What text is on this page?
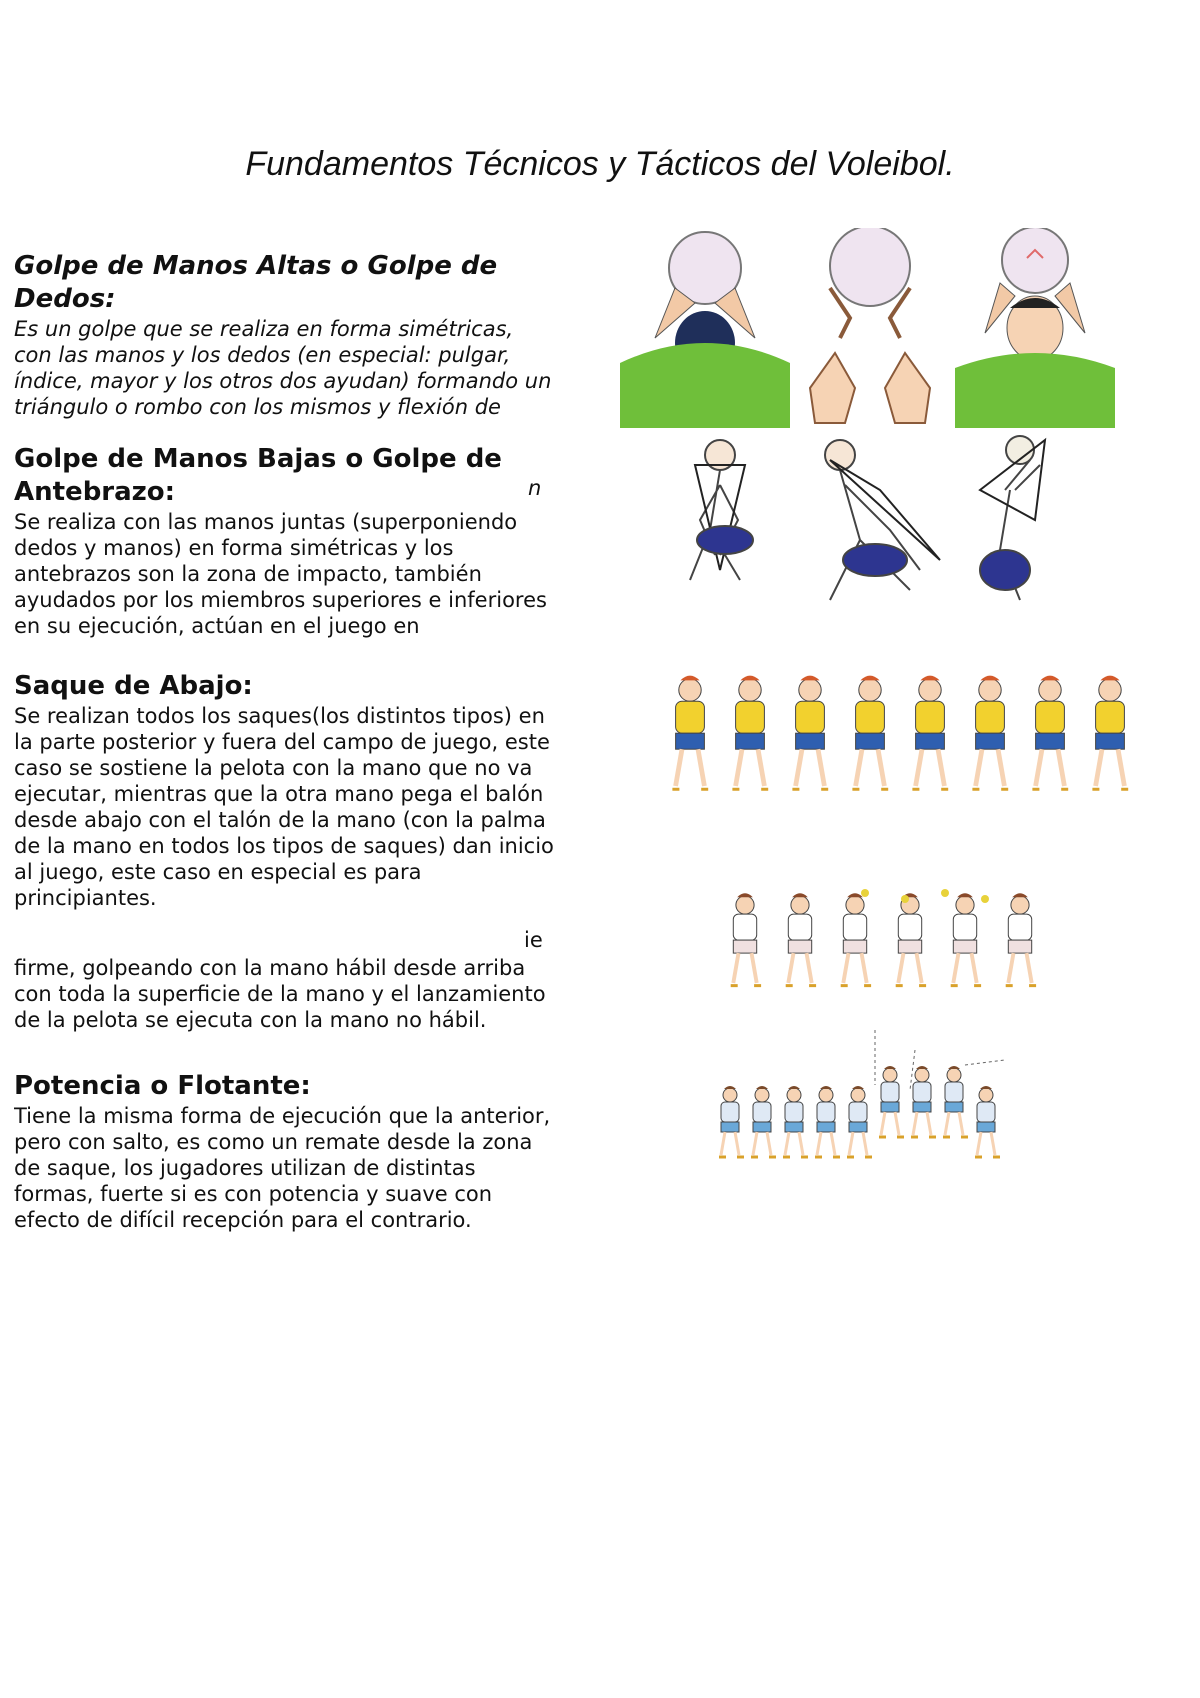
Fundamentos Técnicos y Tácticos del Voleibol.
Golpe de Manos Altas o Golpe de Dedos:

Es un golpe que se realiza en forma simétricas, con las manos y los dedos (en especial: pulgar, índice, mayor y los otros dos ayudan) formando un triángulo o rombo con los mismos y flexión de

Golpe de Manos Bajas o Golpe de Antebrazo:

Se realiza con las manos juntas (superponiendo dedos y manos) en forma simétricas y los antebrazos son la zona de impacto, también ayudados por los miembros superiores e inferiores en su ejecución, actúan en el juego en

n
Saque de Abajo:

Se realizan todos los saques(los distintos tipos) en la parte posterior y fuera del campo de juego, este caso se sostiene la pelota con la mano que no va ejecutar, mientras que la otra mano pega el balón desde abajo con el talón de la mano (con la palma de la mano en todos los tipos de saques) dan inicio al juego, este caso en especial es para principiantes.

ie

firme, golpeando con la mano hábil desde arriba con toda la superficie de la mano y el lanzamiento de la pelota se ejecuta con la mano no hábil.

Potencia o Flotante:

Tiene la misma forma de ejecución que la anterior, pero con salto, es como un remate desde la zona de saque, los jugadores utilizan de distintas formas, fuerte si es con potencia y suave con efecto de difícil recepción para el contrario.
